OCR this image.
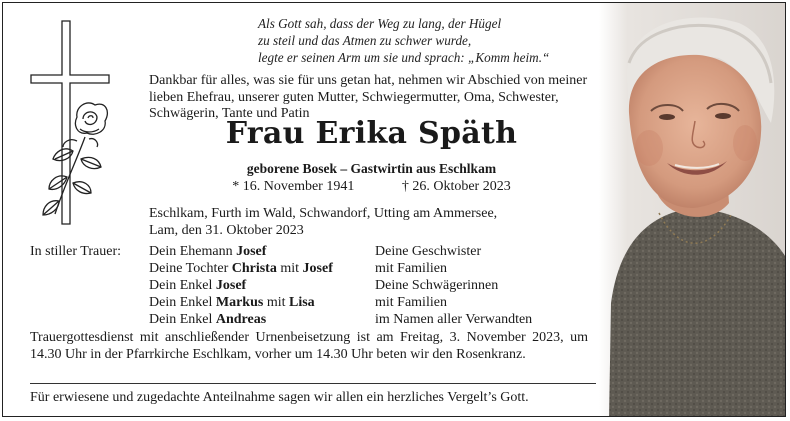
Als Gott sah, dass der Weg zu lang, der Hügel
zu steil und das Atmen zu schwer wurde,
legte er seinen Arm um sie und sprach: „Komm heim.“
Dankbar für alles, was sie für uns getan hat, nehmen wir Abschied von meiner lieben Ehefrau, unserer guten Mutter, Schwiegermutter, Oma, Schwester, Schwägerin, Tante und Patin
Frau Erika Späth
geborene Bosek – Gastwirtin aus Eschlkam
* 16. November 1941	† 26. Oktober 2023
Eschlkam, Furth im Wald, Schwandorf, Utting am Ammersee,
Lam, den 31. Oktober 2023
In stiller Trauer: Dein Ehemann Josef
Deine Tochter Christa mit Josef
Dein Enkel Josef
Dein Enkel Markus mit Lisa
Dein Enkel Andreas
Deine Geschwister
mit Familien
Deine Schwägerinnen
mit Familien
im Namen aller Verwandten
Trauergottesdienst mit anschließender Urnenbeisetzung ist am Freitag, 3. November 2023, um 14.30 Uhr in der Pfarrkirche Eschlkam, vorher um 14.30 Uhr beten wir den Rosenkranz.
Für erwiesene und zugedachte Anteilnahme sagen wir allen ein herzliches Vergelt’s Gott.
